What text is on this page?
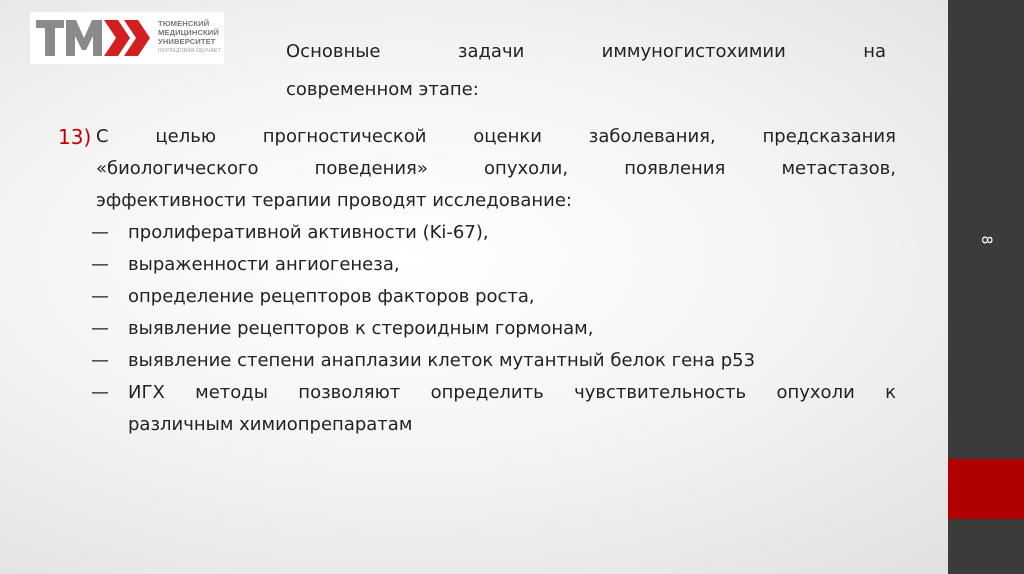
ТЮМЕНСКИЙ МЕДИЦИНСКИЙ УНИВЕРСИТЕТ
НОРЛЕДОВАЯ ОБУЧАЕТ	Основные	задачи	иммуногистохимии	на
современном этапе:
13) С	целью	прогностической	оценки	заболевания,	предсказания
«биологического	поведения»	опухоли,	появления	метастазов,
эффективности терапии проводят исследование:
— пролиферативной активности (Ki-67),
— выраженности ангиогенеза,
— определение рецепторов факторов роста,
— выявление рецепторов к стероидным гормонам,
— выявление степени анаплазии клеток мутантный белок гена p53
— ИГХ методы позволяют определить чувствительность опухоли к
различным химиопрепаратам
8
